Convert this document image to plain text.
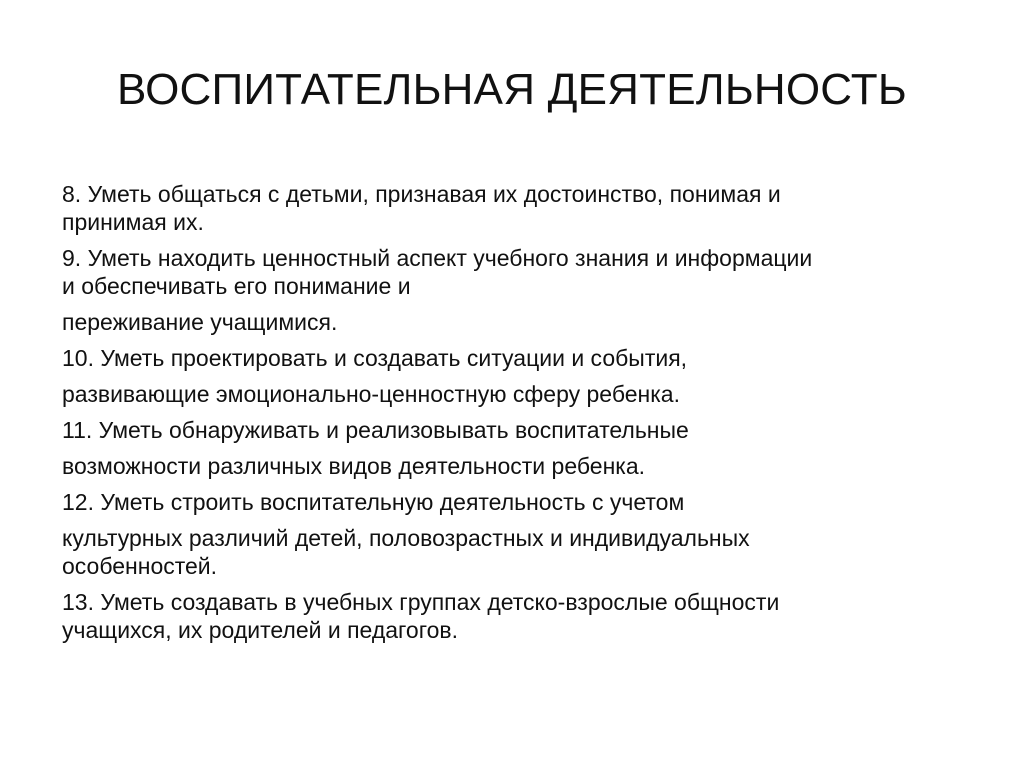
ВОСПИТАТЕЛЬНАЯ ДЕЯТЕЛЬНОСТЬ
8. Уметь общаться с детьми, признавая их достоинство, понимая и
принимая их.
9. Уметь находить ценностный аспект учебного знания и информации
и обеспечивать его понимание и
переживание учащимися.
10. Уметь проектировать и создавать ситуации и события,
развивающие эмоционально-ценностную сферу ребенка.
11. Уметь обнаруживать и реализовывать воспитательные
возможности различных видов деятельности ребенка.
12. Уметь строить воспитательную деятельность с учетом
культурных различий детей, половозрастных и индивидуальных
особенностей.
13. Уметь создавать в учебных группах детско-взрослые общности
учащихся, их родителей и педагогов.
